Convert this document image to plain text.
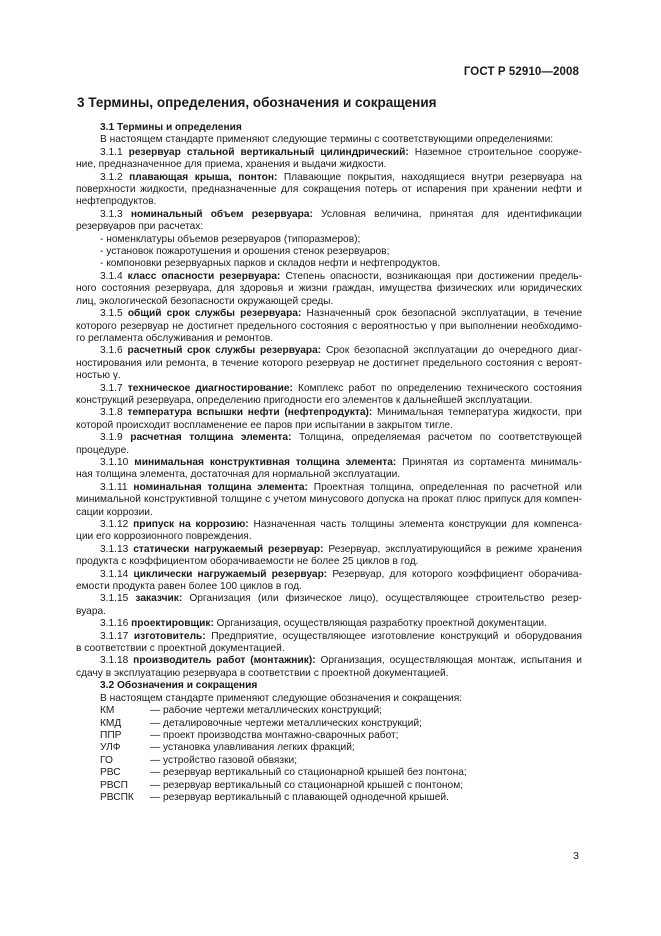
ГОСТ Р 52910—2008
3 Термины, определения, обозначения и сокращения
3.1 Термины и определения
В настоящем стандарте применяют следующие термины с соответствующими определениями:
3.1.1 резервуар стальной вертикальный цилиндрический: Наземное строительное сооруже-
ние, предназначенное для приема, хранения и выдачи жидкости.
3.1.2 плавающая крыша, понтон: Плавающие покрытия, находящиеся внутри резервуара на
поверхности жидкости, предназначенные для сокращения потерь от испарения при хранении нефти и
нефтепродуктов.
3.1.3 номинальный объем резервуара: Условная величина, принятая для идентификации
резервуаров при расчетах:
- номенклатуры объемов резервуаров (типоразмеров);
- установок пожаротушения и орошения стенок резервуаров;
- компоновки резервуарных парков и складов нефти и нефтепродуктов.
3.1.4 класс опасности резервуара: Степень опасности, возникающая при достижении предель-
ного состояния резервуара, для здоровья и жизни граждан, имущества физических или юридических
лиц, экологической безопасности окружающей среды.
3.1.5 общий срок службы резервуара: Назначенный срок безопасной эксплуатации, в течение
которого резервуар не достигнет предельного состояния с вероятностью γ при выполнении необходимо-
го регламента обслуживания и ремонтов.
3.1.6 расчетный срок службы резервуара: Срок безопасной эксплуатации до очередного диаг-
ностирования или ремонта, в течение которого резервуар не достигнет предельного состояния с вероят-
ностью γ.
3.1.7 техническое диагностирование: Комплекс работ по определению технического состояния
конструкций резервуара, определению пригодности его элементов к дальнейшей эксплуатации.
3.1.8 температура вспышки нефти (нефтепродукта): Минимальная температура жидкости, при
которой происходит воспламенение ее паров при испытании в закрытом тигле.
3.1.9 расчетная толщина элемента: Толщина, определяемая расчетом по соответствующей
процедуре.
3.1.10 минимальная конструктивная толщина элемента: Принятая из сортамента минималь-
ная толщина элемента, достаточная для нормальной эксплуатации.
3.1.11 номинальная толщина элемента: Проектная толщина, определенная по расчетной или
минимальной конструктивной толщине с учетом минусового допуска на прокат плюс припуск для компен-
сации коррозии.
3.1.12 припуск на коррозию: Назначенная часть толщины элемента конструкции для компенса-
ции его коррозионного повреждения.
3.1.13 статически нагружаемый резервуар: Резервуар, эксплуатирующийся в режиме хранения
продукта с коэффициентом оборачиваемости не более 25 циклов в год.
3.1.14 циклически нагружаемый резервуар: Резервуар, для которого коэффициент оборачива-
емости продукта равен более 100 циклов в год.
3.1.15 заказчик: Организация (или физическое лицо), осуществляющее строительство резер-
вуара.
3.1.16 проектировщик: Организация, осуществляющая разработку проектной документации.
3.1.17 изготовитель: Предприятие, осуществляющее изготовление конструкций и оборудования
в соответствии с проектной документацией.
3.1.18 производитель работ (монтажник): Организация, осуществляющая монтаж, испытания и
сдачу в эксплуатацию резервуара в соответствии с проектной документацией.
3.2 Обозначения и сокращения
В настоящем стандарте применяют следующие обозначения и сокращения:
КМ	— рабочие чертежи металлических конструкций;
КМД	— деталировочные чертежи металлических конструкций;
ППР	— проект производства монтажно-сварочных работ;
УЛФ	— установка улавливания легких фракций;
ГО	— устройство газовой обвязки;
РВС	— резервуар вертикальный со стационарной крышей без понтона;
РВСП	— резервуар вертикальный со стационарной крышей с понтоном;
РВСПК	— резервуар вертикальный с плавающей однодечной крышей.
3
